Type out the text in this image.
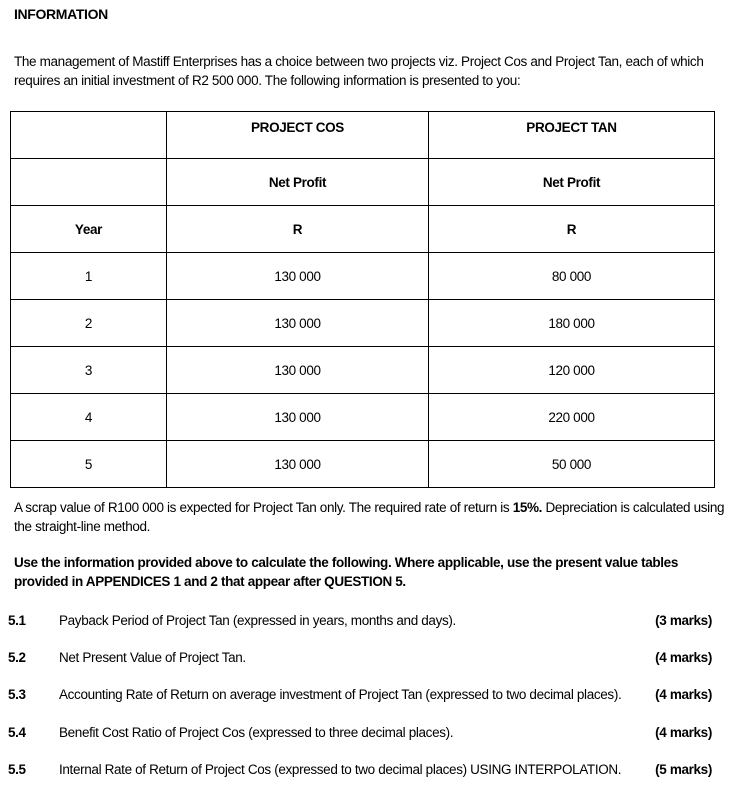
INFORMATION
The management of Mastiff Enterprises has a choice between two projects viz. Project Cos and Project Tan, each of which requires an initial investment of R2 500 000. The following information is presented to you:
	PROJECT COS	PROJECT TAN
	Net Profit	Net Profit
Year	R	R
1	130 000	80 000
2	130 000	180 000
3	130 000	120 000
4	130 000	220 000
5	130 000	50 000
A scrap value of R100 000 is expected for Project Tan only. The required rate of return is 15%. Depreciation is calculated using the straight-line method.
Use the information provided above to calculate the following. Where applicable, use the present value tables provided in APPENDICES 1 and 2 that appear after QUESTION 5.
5.1 Payback Period of Project Tan (expressed in years, months and days).	(3 marks)
5.2 Net Present Value of Project Tan.	(4 marks)
5.3 Accounting Rate of Return on average investment of Project Tan (expressed to two decimal places). (4 marks)
5.4 Benefit Cost Ratio of Project Cos (expressed to three decimal places).	(4 marks)
5.5 Internal Rate of Return of Project Cos (expressed to two decimal places) USING INTERPOLATION.	(5 marks)
